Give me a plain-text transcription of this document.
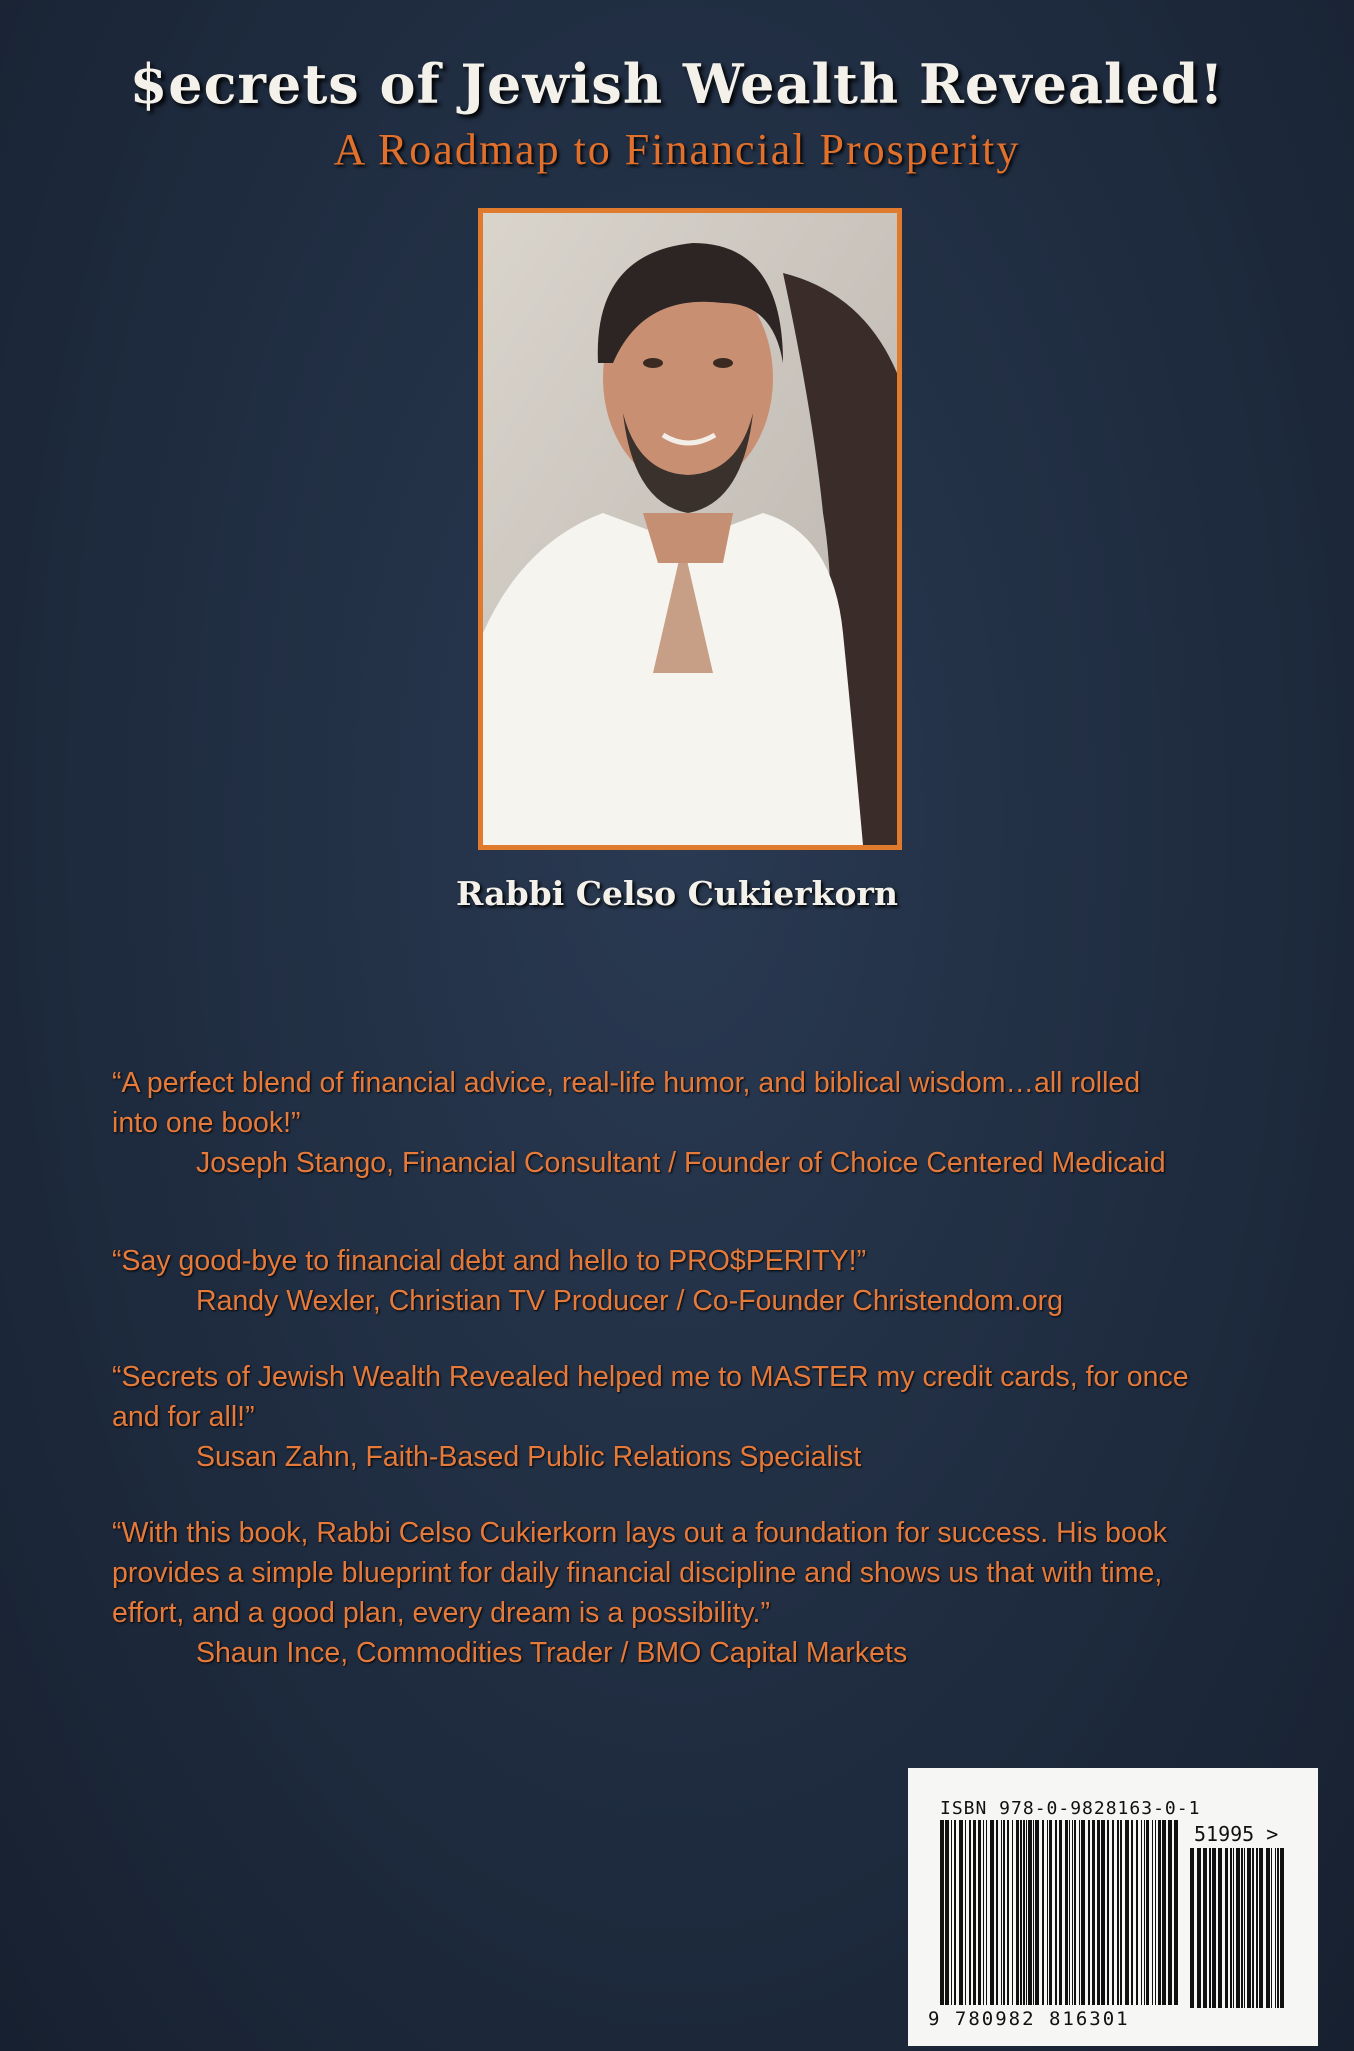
$ecrets of Jewish Wealth Revealed!
A Roadmap to Financial Prosperity
Rabbi Celso Cukierkorn
“A perfect blend of financial advice, real-life humor, and biblical wisdom…all rolled
into one book!”
Joseph Stango, Financial Consultant / Founder of Choice Centered Medicaid
“Say good-bye to financial debt and hello to PRO$PERITY!”
Randy Wexler, Christian TV Producer / Co-Founder Christendom.org
“Secrets of Jewish Wealth Revealed helped me to MASTER my credit cards, for once
and for all!”
Susan Zahn, Faith-Based Public Relations Specialist
“With this book, Rabbi Celso Cukierkorn lays out a foundation for success. His book
provides a simple blueprint for daily financial discipline and shows us that with time,
effort, and a good plan, every dream is a possibility.”
Shaun Ince, Commodities Trader / BMO Capital Markets
ISBN 978-0-9828163-0-1
51995 >
9 780982 816301
